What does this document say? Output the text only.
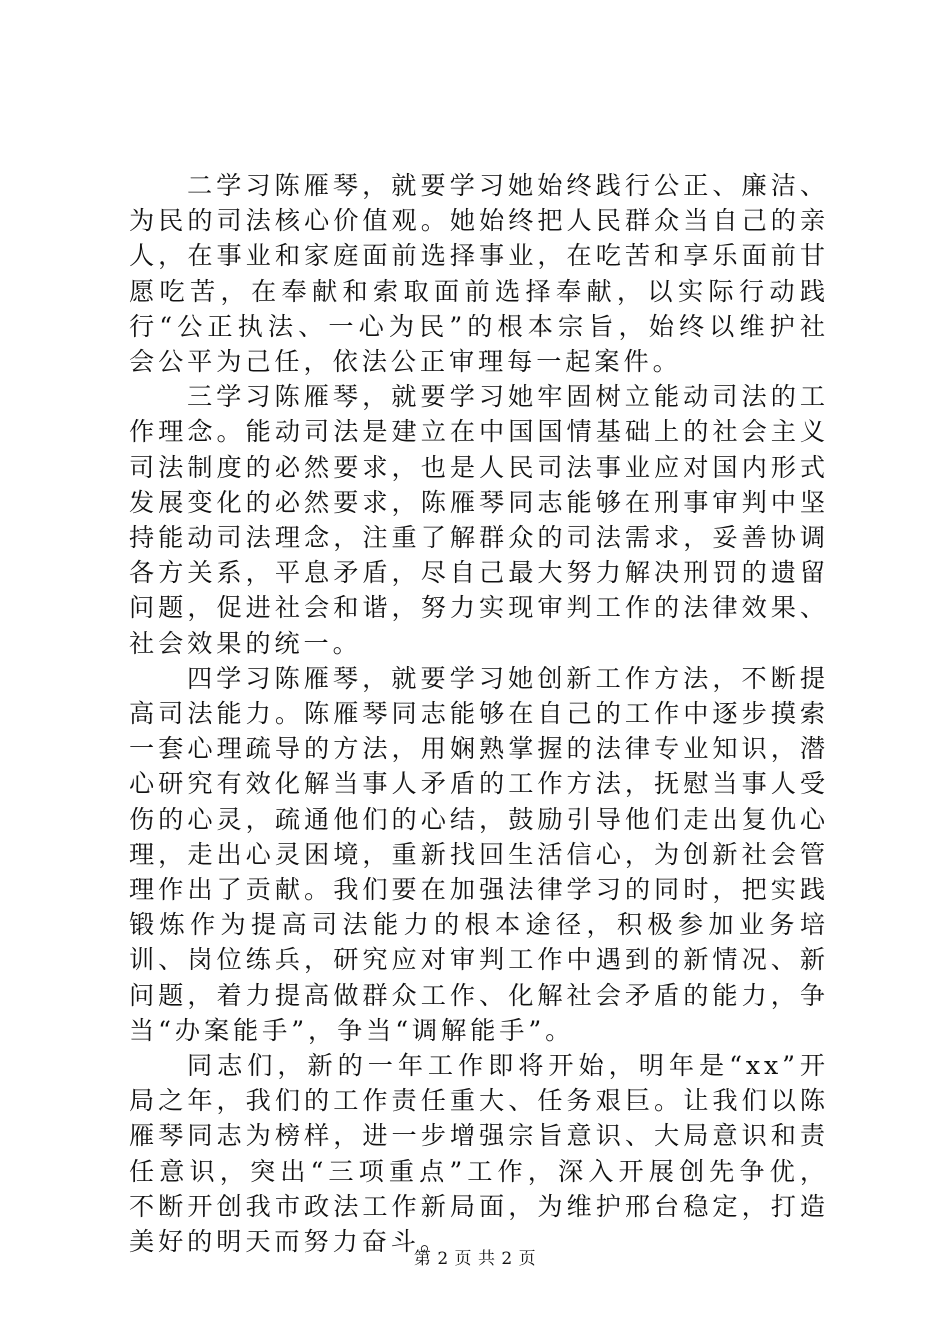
二学习陈雁琴，就要学习她始终践行公正、廉洁、为民的司法核心价值观。她始终把人民群众当自己的亲人，在事业和家庭面前选择事业，在吃苦和享乐面前甘愿吃苦，在奉献和索取面前选择奉献，以实际行动践行“公正执法、一心为民”的根本宗旨，始终以维护社会公平为己任，依法公正审理每一起案件。

三学习陈雁琴，就要学习她牢固树立能动司法的工作理念。能动司法是建立在中国国情基础上的社会主义司法制度的必然要求，也是人民司法事业应对国内形式发展变化的必然要求，陈雁琴同志能够在刑事审判中坚持能动司法理念，注重了解群众的司法需求，妥善协调各方关系，平息矛盾，尽自己最大努力解决刑罚的遗留问题，促进社会和谐，努力实现审判工作的法律效果、社会效果的统一。

四学习陈雁琴，就要学习她创新工作方法，不断提高司法能力。陈雁琴同志能够在自己的工作中逐步摸索一套心理疏导的方法，用娴熟掌握的法律专业知识，潜心研究有效化解当事人矛盾的工作方法，抚慰当事人受伤的心灵，疏通他们的心结，鼓励引导他们走出复仇心理，走出心灵困境，重新找回生活信心，为创新社会管理作出了贡献。我们要在加强法律学习的同时，把实践锻炼作为提高司法能力的根本途径，积极参加业务培训、岗位练兵，研究应对审判工作中遇到的新情况、新问题，着力提高做群众工作、化解社会矛盾的能力，争当“办案能手”，争当“调解能手”。

同志们，新的一年工作即将开始，明年是“xx”开局之年，我们的工作责任重大、任务艰巨。让我们以陈雁琴同志为榜样，进一步增强宗旨意识、大局意识和责任意识，突出“三项重点”工作，深入开展创先争优，不断开创我市政法工作新局面，为维护邢台稳定，打造美好的明天而努力奋斗。

第 2 页 共 2 页
